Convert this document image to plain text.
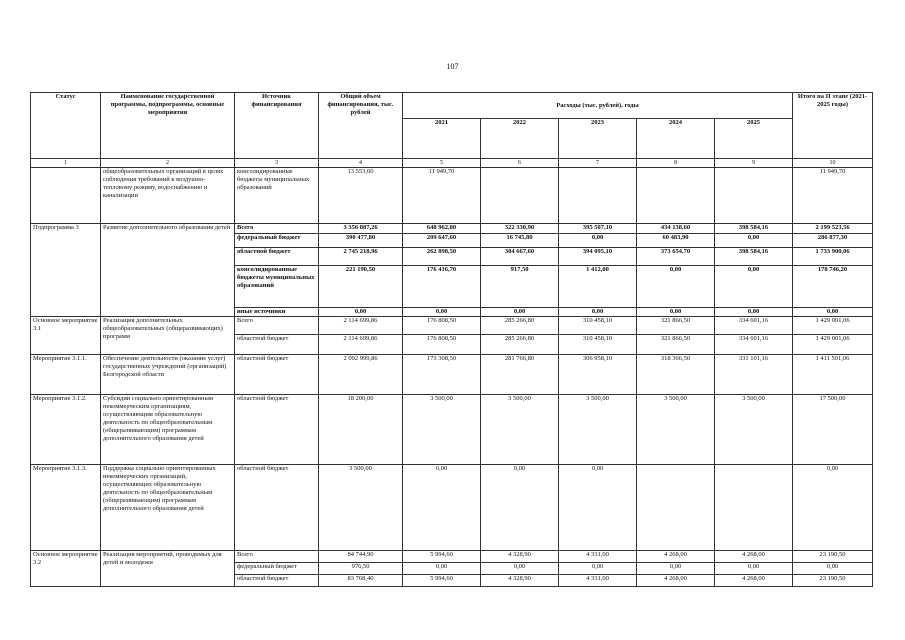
107
Статус	Наименование государственной программы, подпрограммы, основные мероприятия	Источник финансирования	Общий объем финансирования, тыс. рублей	Расходы (тыс. рублей), годы					Итого на II этапе (2021-2025 годы)
				2021	2022	2023	2024	2025	
1	2	3	4	5	6	7	8	9	10
	общеобразовательных организаций в целях соблюдения требований к воздушно-тепловому режиму, водоснабжению и канализации	консолидированные бюджеты муниципальных образований	13 553,60	11 949,70					11 949,70
Подпрограмма 3	Развитие дополнительного образования детей	Всего	3 356 887,26	648 962,80	322 330,90	395 507,10	434 138,60	398 584,16	2 199 523,56
		федеральный бюджет	390 477,80	209 647,60	16 745,80	0,00	60 483,90	0,00	286 877,30
		областной бюджет	2 745 218,96	262 898,50	304 667,60	394 095,10	373 654,70	398 584,16	1 733 900,06
		консолидированные бюджеты муниципальных образований	221 190,50	176 416,70	917,50	1 412,00	0,00	0,00	178 746,20
		иные источники	0,00	0,00	0,00	0,00	0,00	0,00	0,00
Основное мероприятие 3.1	Реализация дополнительных общеобразовательных (общеразвивающих) программ	Всего	2 114 699,86	176 808,50	285 266,80	310 458,10	321 866,50	334 601,16	1 429 001,06
		областной бюджет	2 114 699,86	176 808,50	285 266,80	310 458,10	321 866,50	334 601,16	1 429 001,06
Мероприятие 3.1.1.	Обеспечение деятельности (оказание услуг) государственных учреждений (организаций) Белгородской области	областной бюджет	2 092 999,86	173 308,50	281 766,80	306 958,10	318 366,50	331 101,16	1 411 501,06
Мероприятие 3.1.2.	Субсидии социально ориентированным некоммерческим организациям, осуществляющим образовательную деятельность по общеобразовательным (общеразвивающим) программам дополнительного образования детей	областной бюджет	18 200,00	3 500,00	3 500,00	3 500,00	3 500,00	3 500,00	17 500,00
Мероприятие 3.1.3.	Поддержка социально ориентированных некоммерческих организаций, осуществляющих образовательную деятельность по общеобразовательным (общеразвивающим) программам дополнительного образования детей	областной бюджет	3 500,00	0,00	0,00	0,00			0,00
Основное мероприятие 3.2	Реализация мероприятий, проводимых для детей и молодежи	Всего	84 744,90	5 994,60	4 328,90	4 331,00	4 268,00	4 268,00	23 190,50
		федеральный бюджет	976,50	0,00	0,00	0,00	0,00	0,00	0,00
		областной бюджет	83 768,40	5 994,60	4 328,90	4 331,00	4 268,00	4 268,00	23 190,50
